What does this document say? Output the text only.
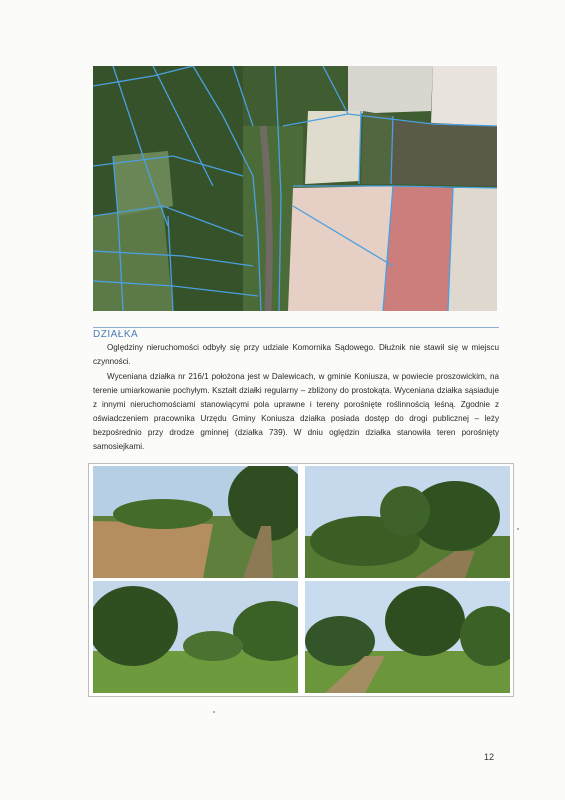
DZIAŁKA

Oględziny nieruchomości odbyły się przy udziale Komornika Sądowego. Dłużnik nie stawił się w miejscu czynności.

Wyceniana działka nr 216/1 położona jest w Dalewicach, w gminie Koniusza, w powiecie proszowickim, na terenie umiarkowanie pochyłym. Kształt działki regularny – zbliżony do prostokąta. Wyceniana działka sąsiaduje z innymi nieruchomościami stanowiącymi pola uprawne i tereny porośnięte roślinnością leśną. Zgodnie z oświadczeniem pracownika Urzędu Gminy Koniusza działka posiada dostęp do drogi publicznej – leży bezpośrednio przy drodze gminnej (działka 739). W dniu oględzin działka stanowiła teren porośnięty samosiejkami.

12
